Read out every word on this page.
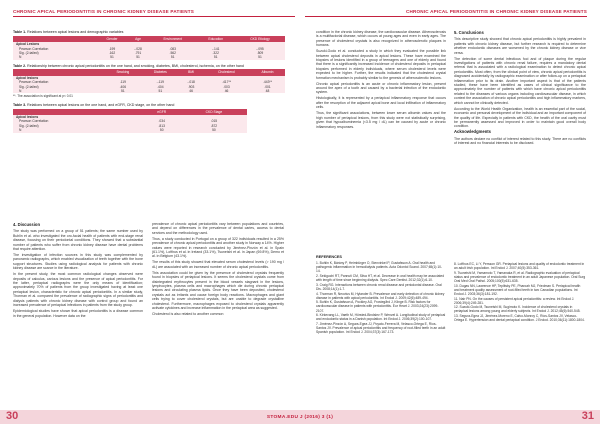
CHRONIC APICAL PERIODONTITIS IN CHRONIC KIDNEY DISEASE PATIENTS
Table 1. Relations between apical lesions and demographic variables
	Gender	Age	Environment	Education	CKD Etiology
Apical Lesions					
Pearson Correlation	.199	-.028	.083	-.141	-.095
Sig. (2-tailed)	.162	.791	.562	.322	.509
N	51	51	51	51	51
Table 2. Relationship between chronic apical periodontitis on the one hand, and smoking, diabetes, BMI, cholesterol, ischemia, on the other hand
	Smoking	Diabetes	BMI	Cholesterol	Albumin
Apical lesions					
Pearson Correlation	.119	-.119	-.018	.417**	.443**
Sig. (2-tailed)	.406	.404	.903	.003	.001
N	51	51	46	46	48
**. The association is significant at p< 0.01
Table 3. Relations between apical lesions on the one hand, and eGFR, CKD stage, on the other hand
	eGFR	CKD Stage
Apical lesions		
Pearson Correlation	.034	.015
Sig. (2-tailed)	.813	.872
N	50	50
4. Discussion

The study was performed on a group of 51 patients; the same number used by Buhlin et al. who investigated the oro-facial health of patients with end-stage renal disease, focusing on their periodontal conditions. They showed that a substantial number of patients who suffer from chronic kidney disease have dental problems that require attention.

The investigation of infection sources in this study was complemented by panoramic radiographs, which enabled visualization of teeth together with the bone support structures. Studies using radiological analysis for patients with chronic kidney disease are scarce in the literature.

In the present study, the most common radiological changes observed were deposits of calculus, carious lesions and the presence of apical periodontitis. For the latter, periapical radiographs were the only means of identification; approximately 70% of patients from the group investigated having at least one periapical lesion, characteristic for chronic apical periodontitis. In a similar study, Thorman et al. compared the prevalence of radiographic signs of periodontitis and dialysis patients with chronic kidney disease with control group and found an increased prevalence of periapical infections in patients from the study group.

Epidemiological studies have shown that apical periodontitis is a disease common in the general population. However data on the

prevalence of chronic apical periodontitis vary between populations and countries, and depend on differences in the prevalence of dental caries, access to dental services and the methodology used.

Thus, a study conducted in Portugal on a group of 322 individuals resulted in a 25% prevalence of chronic apical periodontitis and another study in Norway a 14%. Higher values were reported in research conducted by Jiménez-Pinzón et al. in Spain (61.1%), Lofthus et al. in Ireland (33.1%), Tsuneishi et al. in Japan (69.8%), Demo et al. in Belgium (43.1%).

The results of this study showed that elevated serum cholesterol levels (> 190 mg / dL) are associated with an increased number of chronic apical periodontitis.

This association could be given by the presence of cholesterol crystals frequently found in biopsies of periapical lesions. It seems the cholesterol crystals come from disintegrated erythrocytes present in the blood vessels stagnant in the lesions, lymphocytes, plasma cells and macrophages which die during chronic periapical lesions and circulating plasma lipids. Once they have been deposited, cholesterol crystals act as irritants and cause foreign body reactions. Macrophages and giant cells trying to cover cholesterol crystals, but are unable to degrade crystalline cholesterol. Furthermore, macrophages exposed to cholesterol crystals apparently activate cytokines and increase inflammation in the periapical area as suggested.

Cholesterol is also related to another common

30
CHRONIC APICAL PERIODONTITIS IN CHRONIC KIDNEY DISEASE PATIENTS

condition in the chronic kidney disease, the cardiovascular disease. Atherosclerosis is a multifactorial disease, which occurs at young ages and even in early ages. The presence of cholesterol crystals is also recognized in atherosclerotic plaques in humans.

Suzuki-Godo et al. conducted a study in which they evaluated the possible link between apical cholesterol deposits in apical lesions. These have examined the biopsies of lesions identified in a group of teenagers and one of elderly and found that there is a significantly increased incidence of cholesterol deposits in periapical biopsies performed in elderly individuals, where serum cholesterol levels were expected to be higher. Further, the results indicated that the cholesterol crystal formation mechanism is probably similar to the genesis of atherosclerotic lesions.

Chronic apical periodontitis is an acute or chronic inflammatory lesion, present around the apex of a tooth and caused by a bacterial infection of the endodontic system.

Histologically, it is represented by a periapical inflammatory response that occurs after the resorption of the adjacent apical bone and local infiltration of inflammatory cells.

Thus, the significant associations, between lower serum albumin values and the high number of periapical lesions, from this study were not statistically surprising, given that hypoalbuminemia (<3.5 mg / dL) can be caused by acute or chronic inflammatory responses.

5. Conclusions

This descriptive study showed that chronic apical periodontitis is highly prevalent in patients with chronic kidney disease, but further research is required to determine whether endodontic diseases are worsened by the chronic kidney disease or vice versa.

The detection of some dental infectious foci and of plaque during the regular investigations of patients with chronic renal failure, requires a mandatory dental referral that is associated with a radiological examination to detect chronic apical periodontitis. Most often, from the clinical point of view, chronic apical periodontitis is diagnosed accidentally by radiographic examination or after follow-up on a periapical inflammation prior to its drain. Another important aspect is that of the patients studied, these have been identified as cases of clinical significance to the approximately the number of patients with which have chronic apical periodontitis related to the diseases of various organs including cardiovascular disease, in which context the association of chronic apical periodontitis and high inflammatory markers, which cannot be clinically detected.

According to the World Health Organization, health is an essential part of the social, economic and personal development of the individual and an important component of the quality of life. Especially in patients with CKD, the health of the oral cavity must be permanently assessed and improved in order to maintain good overall body condition.

Acknowledgments

The authors declare no conflict of interest related to this study. There are no conflicts of interest and no financial interests to be disclosed.

REFERENCES

1. Buhlin K, Bárány P, Heimbürger O, Stenvinkel P, Gustafsson A. Oral health and pathogenic inflammation in hemodialysis patients. Acta Odontol Scand. 2007;65(1):10-14.

2. Sekiguchi RT, Pannuti CM, Silva HT, et al. Decrease in oral health may be associated with length of time since beginning dialysis. Spec Care Dentist. 2012;32(1):6-10.

3. Craig RG. Interactions between chronic renal disease and periodontal disease. Oral Dis. 2008;14(1):1-7.

4. Thorman R, Neovius M, Hylander B. Prevalence and early detection of chronic kidney disease in patients with apical periodontitis. Int Endod J. 2009;42(6):489-494.

5. Buhlin K, Gustafsson A, Pockley AG, Frostegård J, Klinge B. Risk factors for cardiovascular disease in patients with periodontitis. Eur Heart J. 2003;24(23):2099-2107.

6. Kirkevang LL, Vaeth M, Hörsted-Bindslev P, Wenzel A. Longitudinal study of periapical and endodontic status in a Danish population. Int Endod J. 2006;39(2):100-107.

7. Jiménez-Pinzón A, Segura-Egea JJ, Poyato-Ferrera M, Velasco-Ortega E, Ríos-Santos JV. Prevalence of apical periodontitis and frequency of root-filled teeth in an adult Spanish population. Int Endod J. 2004;37(3):167-173.

8. Lofthus EC, Li Y, Persson GR. Periapical lesions and quality of endodontic treatment in an adult Irish population. Int Endod J. 2007;40(5):353-361.

9. Tsuneishi M, Yamamoto T, Yamanaka R, et al. Radiographic evaluation of periapical status and prevalence of endodontic treatment in an adult Japanese population. Oral Surg Oral Med Oral Pathol. 2005;100(5):631-635.

10. Dugas NN, Lawrence HP, Teplitsky PE, Pharoah MJ, Friedman S. Periapical health and treatment quality assessment of root-filled teeth in two Canadian populations. Int Endod J. 2003;36(3):181-192.

11. Nair PN. On the causes of persistent apical periodontitis: a review. Int Endod J. 2006;39(4):249-281.

12. Suzuki-Godo M, Tsuneishi M, Sugimoto K. Incidence of cholesterol crystals in periapical lesions among young and elderly subjects. Int Endod J. 2012;45(6):540-545.

13. Segura-Egea JJ, Jiménez-Moreno E, Calvo-Monroy C, Ríos-Santos JV, Velasco-Ortega E. Hypertension and dental periapical condition. J Endod. 2010;36(11):1800-1804.

STOMA.EDU J (2016) 3 (1)	31
